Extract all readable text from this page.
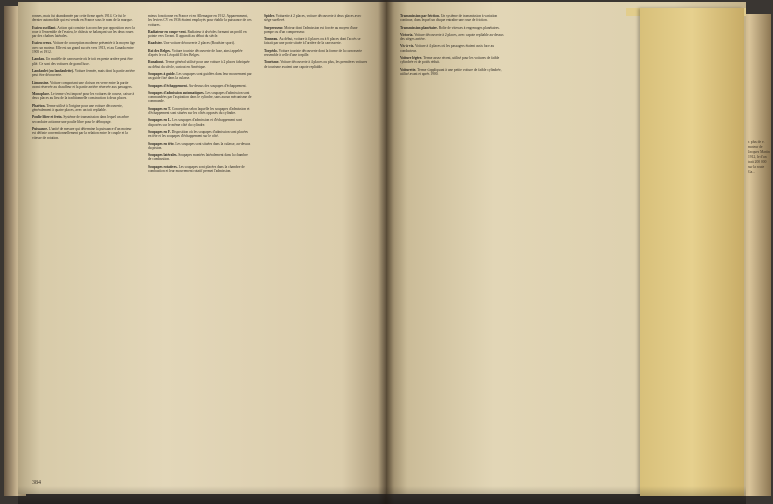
ronnes, mais fut abandonnée par cette firme après 1914. Ce fut le dernier automobile qui est vendu en France sous le nom de la marque.

Essieu oscillant. Action qui consiste à accrocher par opposition avec la roue à l'ensemble de l'essieu, le châssis se balançant sur les deux roues par des chaînes latérales.

Essieu creux. Voiture de conception moderne présentée à la moyen âge avec un moteur. Elle est un grand succès vers 1913, et au Canada entre 1905 et 1912.

Landau. Un modèle de carrosserie où le toit en pente arrière peut être plié. Ce sont des voitures de grand luxe.

Landaulet (ou landaulette). Voiture fermée, mais dont la partie arrière peut être découverte.

Limousine. Voiture comportant une cloison en verre entre la partie avant réservée au chauffeur et la partie arrière réservée aux passagers.

Monoplace. Le terme s'est imposé pour les voitures de course, caisse à deux places au lieu de la traditionnelle construction à deux places.

Phaéton. Terme utilisé à l'origine pour une voiture découverte, généralement à quatre places, avec un toit repliable.

Poulie libre et frein. Système de transmission dans lequel un arbre secondaire actionne une poulie libre pour le débrayage.

Puissance. L'unité de mesure qui détermine la puissance d'un moteur est définie conventionnellement par la relation entre le couple et la vitesse de rotation.

mieux fonctionne en France et en Allemagne en 1912. Apparemment, les leviers CV en 1936 étaient employés pour établir la puissance de ces voitures.

Radiateur en coupe-vent. Radiateur à alvéoles formant un profil en pointe vers l'avant. Il apparaît au début du siècle.

Roadster. Une voiture découverte 2 places (Roadster sport).

Roi des Belges. Voiture touriste découverte de luxe, ainsi appelée d'après le roi Léopold II des Belges.

Runabout. Terme général utilisé pour une voiture à 2 places fabriquée au début du siècle, surtout en Amérique.

Soupapes à guide. Les soupapes sont guidées dans leur mouvement par un guide fixé dans la culasse.

Soupapes d'échappement. Au-dessus des soupapes d'échappement.

Soupapes d'admission automatiques. Les soupapes d'admission sont commandées par l'aspiration dans le cylindre, sans aucun mécanisme de commande.

Soupapes en T. Conception selon laquelle les soupapes d'admission et d'échappement sont situées sur les côtés opposés du cylindre.

Soupapes en L. Les soupapes d'admission et d'échappement sont disposées sur le même côté du cylindre.

Soupapes en F. Disposition où les soupapes d'admission sont placées en tête et les soupapes d'échappement sur le côté.

Soupapes en tête. Les soupapes sont situées dans la culasse, au-dessus du piston.

Soupapes latérales. Soupapes montées latéralement dans la chambre de combustion.

Soupapes rotatives. Les soupapes sont placées dans la chambre de combustion et leur mouvement rotatif permet l'admission.

Spider. Voiturette à 2 places, voiture découverte à deux places avec siège surélevé.

Surpresseur. Moteur dont l'admission est forcée au moyen d'une pompe ou d'un compresseur.

Tonneau. Au début, voiture à 4 places ou à 6 places dont l'accès se faisait par une porte située à l'arrière de la carrosserie.

Torpédo. Voiture touriste découverte dont la forme de la carrosserie ressemble à celle d'une torpille.

Tourisme. Voiture découverte à 4 places ou plus, les premières voitures de tourisme avaient une capote repliable.

384

Transmission par friction. Un système de transmission à variation continue, dans lequel un disque entraîne une roue de friction.

Transmission planétaire. Boîte de vitesses à engrenages planétaires.

Victoria. Voiture découverte à 2 places, avec capote repliable au-dessus des sièges arrière.

Vis-à-vis. Voiture à 4 places où les passagers étaient assis face au conducteur.

Voiture légère. Terme assez récent, utilisé pour les voitures de faible cylindrée et de poids réduit.

Voiturette. Terme s'appliquant à une petite voiture de faible cylindrée, utilisé avant et après 1900.

r. plus de e. moteur de Jacques Martin 1912, le d'un trait 200 000 sur la route Ga...
